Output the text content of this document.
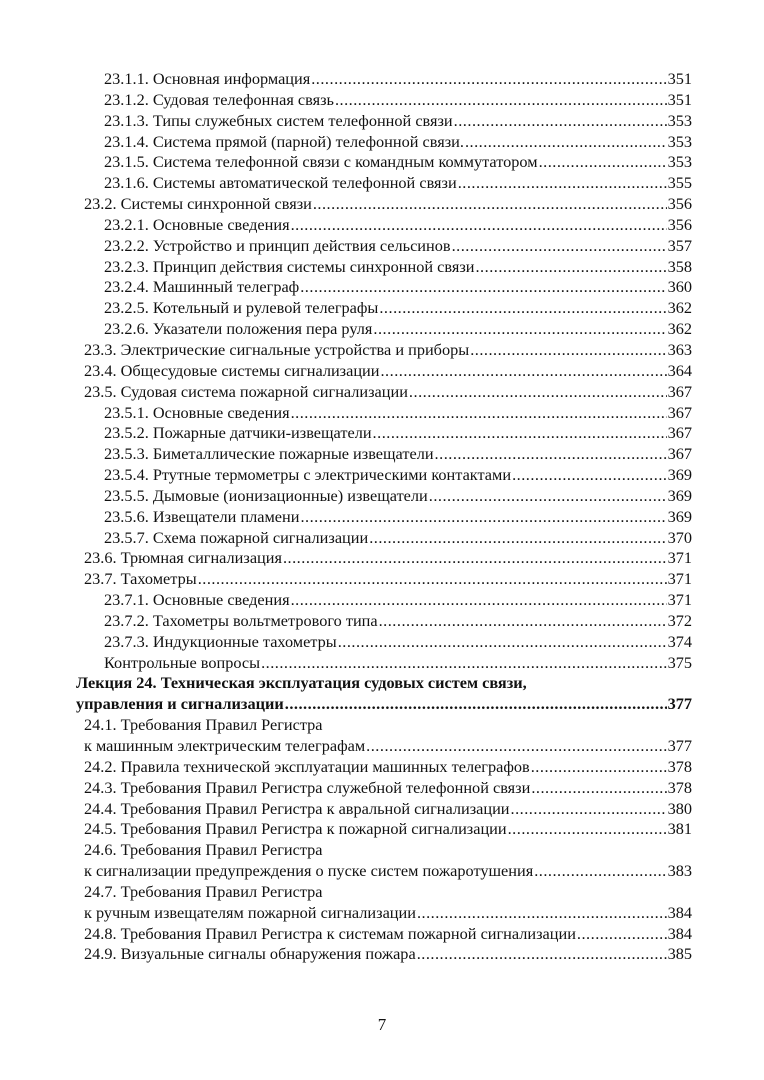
23.1.1. Основная информация .....	351
23.1.2. Судовая телефонная связь .....	351
23.1.3. Типы служебных систем телефонной связи .....	353
23.1.4. Система прямой (парной) телефонной связи. .....	353
23.1.5. Система телефонной связи с командным коммутатором .....	353
23.1.6. Системы автоматической телефонной связи .....	355
23.2. Системы синхронной связи .....	356
23.2.1. Основные сведения .....	356
23.2.2. Устройство и принцип действия сельсинов .....	357
23.2.3. Принцип действия системы синхронной связи .....	358
23.2.4. Машинный телеграф .....	360
23.2.5. Котельный и рулевой телеграфы .....	362
23.2.6. Указатели положения пера руля .....	362
23.3. Электрические сигнальные устройства и приборы .....	363
23.4. Общесудовые системы сигнализации .....	364
23.5. Судовая система пожарной сигнализации .....	367
23.5.1. Основные сведения .....	367
23.5.2. Пожарные датчики-извещатели .....	367
23.5.3. Биметаллические пожарные извещатели .....	367
23.5.4. Ртутные термометры с электрическими контактами .....	369
23.5.5. Дымовые (ионизационные) извещатели .....	369
23.5.6. Извещатели пламени .....	369
23.5.7. Схема пожарной сигнализации .....	370
23.6. Трюмная сигнализация .....	371
23.7. Тахометры .....	371
23.7.1. Основные сведения .....	371
23.7.2. Тахометры вольтметрового типа .....	372
23.7.3. Индукционные тахометры .....	374
Контрольные вопросы .....	375
Лекция 24. Техническая эксплуатация судовых систем связи,
управления и сигнализации .....	377
24.1. Требования Правил Регистра
к машинным электрическим телеграфам .....	377
24.2. Правила технической эксплуатации машинных телеграфов .....	378
24.3. Требования Правил Регистра служебной телефонной связи .....	378
24.4. Требования Правил Регистра к авральной сигнализации .....	380
24.5. Требования Правил Регистра к пожарной сигнализации .....	381
24.6. Требования Правил Регистра
к сигнализации предупреждения о пуске систем пожаротушения .....	383
24.7. Требования Правил Регистра
к ручным извещателям пожарной сигнализации .....	384
24.8. Требования Правил Регистра к системам пожарной сигнализации .....	384
24.9. Визуальные сигналы обнаружения пожара .....	385
7
